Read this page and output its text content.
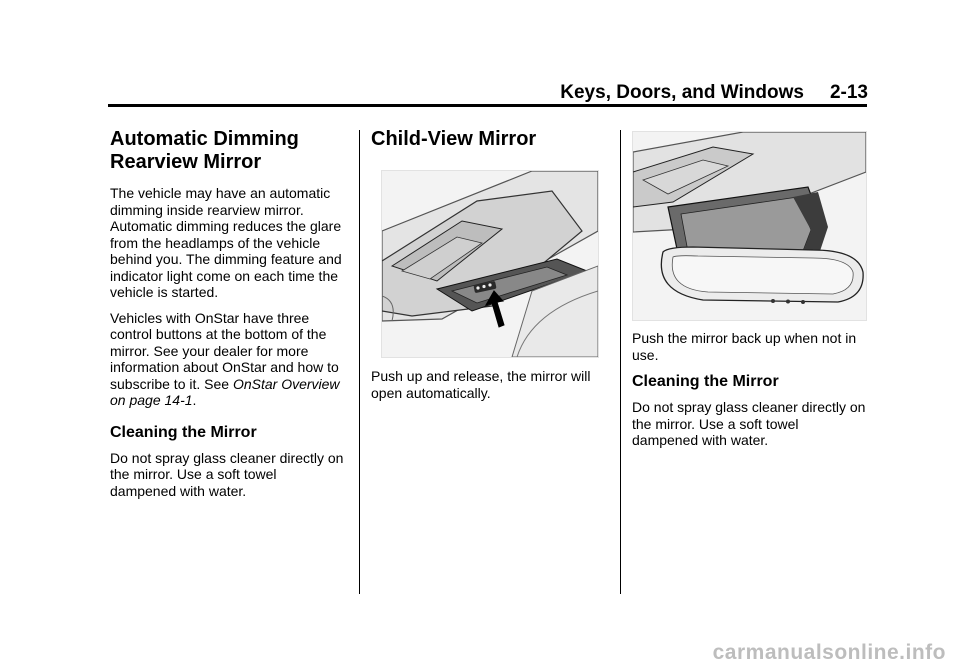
Keys, Doors, and Windows 2-13
Automatic Dimming Rearview Mirror

The vehicle may have an automatic dimming inside rearview mirror. Automatic dimming reduces the glare from the headlamps of the vehicle behind you. The dimming feature and indicator light come on each time the vehicle is started.

Vehicles with OnStar have three control buttons at the bottom of the mirror. See your dealer for more information about OnStar and how to subscribe to it. See OnStar Overview on page 14-1.

Cleaning the Mirror

Do not spray glass cleaner directly on the mirror. Use a soft towel dampened with water.

Child-View Mirror

Push up and release, the mirror will open automatically.

Push the mirror back up when not in use.

Cleaning the Mirror

Do not spray glass cleaner directly on the mirror. Use a soft towel dampened with water.

carmanualsonline.info
